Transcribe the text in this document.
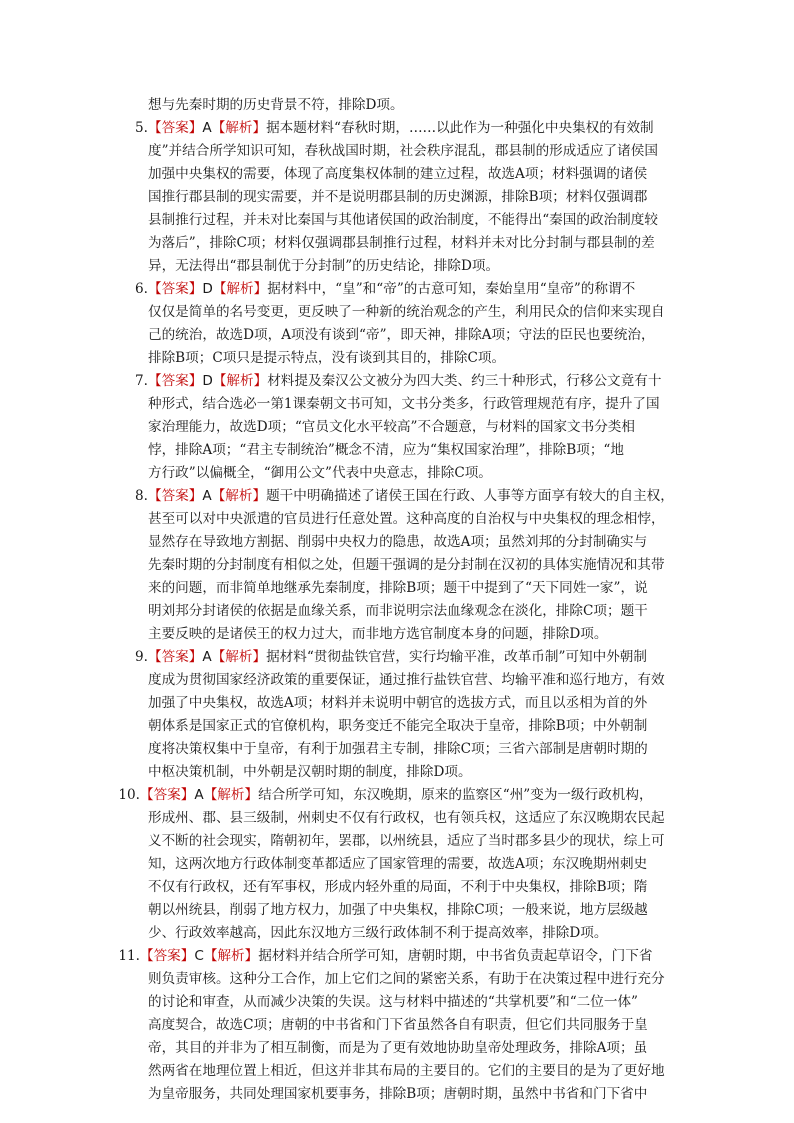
想与先秦时期的历史背景不符，排除D项。
5.【答案】A【解析】据本题材料“春秋时期，……以此作为一种强化中央集权的有效制
度”并结合所学知识可知，春秋战国时期，社会秩序混乱，郡县制的形成适应了诸侯国
加强中央集权的需要，体现了高度集权体制的建立过程，故选A项；材料强调的诸侯
国推行郡县制的现实需要，并不是说明郡县制的历史渊源，排除B项；材料仅强调郡
县制推行过程，并未对比秦国与其他诸侯国的政治制度，不能得出“秦国的政治制度较
为落后”，排除C项；材料仅强调郡县制推行过程，材料并未对比分封制与郡县制的差
异，无法得出“郡县制优于分封制”的历史结论，排除D项。
6.【答案】D【解析】据材料中，“皇”和“帝”的古意可知，秦始皇用“皇帝”的称谓不
仅仅是简单的名号变更，更反映了一种新的统治观念的产生，利用民众的信仰来实现自
己的统治，故选D项，A项没有谈到“帝”，即天神，排除A项；守法的臣民也要统治，
排除B项；C项只是提示特点，没有谈到其目的，排除C项。
7.【答案】D【解析】材料提及秦汉公文被分为四大类、约三十种形式，行移公文竟有十
种形式，结合选必一第1课秦朝文书可知，文书分类多，行政管理规范有序，提升了国
家治理能力，故选D项；“官员文化水平较高”不合题意，与材料的国家文书分类相
悖，排除A项；“君主专制统治”概念不清，应为“集权国家治理”，排除B项；“地
方行政”以偏概全，“御用公文”代表中央意志，排除C项。
8.【答案】A【解析】题干中明确描述了诸侯王国在行政、人事等方面享有较大的自主权，
甚至可以对中央派遣的官员进行任意处置。这种高度的自治权与中央集权的理念相悖，
显然存在导致地方割据、削弱中央权力的隐患，故选A项；虽然刘邦的分封制确实与
先秦时期的分封制度有相似之处，但题干强调的是分封制在汉初的具体实施情况和其带
来的问题，而非简单地继承先秦制度，排除B项；题干中提到了“天下同姓一家”，说
明刘邦分封诸侯的依据是血缘关系，而非说明宗法血缘观念在淡化，排除C项；题干
主要反映的是诸侯王的权力过大，而非地方选官制度本身的问题，排除D项。
9.【答案】A【解析】据材料“贯彻盐铁官营，实行均输平准，改革币制”可知中外朝制
度成为贯彻国家经济政策的重要保证，通过推行盐铁官营、均输平准和巡行地方，有效
加强了中央集权，故选A项；材料并未说明中朝官的选拔方式，而且以丞相为首的外
朝体系是国家正式的官僚机构，职务变迁不能完全取决于皇帝，排除B项；中外朝制
度将决策权集中于皇帝，有利于加强君主专制，排除C项；三省六部制是唐朝时期的
中枢决策机制，中外朝是汉朝时期的制度，排除D项。
10.【答案】A【解析】结合所学可知，东汉晚期，原来的监察区“州”变为一级行政机构，
形成州、郡、县三级制，州刺史不仅有行政权，也有领兵权，这适应了东汉晚期农民起
义不断的社会现实，隋朝初年，罢郡，以州统县，适应了当时郡多县少的现状，综上可
知，这两次地方行政体制变革都适应了国家管理的需要，故选A项；东汉晚期州刺史
不仅有行政权，还有军事权，形成内轻外重的局面，不利于中央集权，排除B项；隋
朝以州统县，削弱了地方权力，加强了中央集权，排除C项；一般来说，地方层级越
少、行政效率越高，因此东汉地方三级行政体制不利于提高效率，排除D项。
11.【答案】C【解析】据材料并结合所学可知，唐朝时期，中书省负责起草诏令，门下省
则负责审核。这种分工合作，加上它们之间的紧密关系，有助于在决策过程中进行充分
的讨论和审查，从而减少决策的失误。这与材料中描述的“共掌机要”和“二位一体”
高度契合，故选C项；唐朝的中书省和门下省虽然各自有职责，但它们共同服务于皇
帝，其目的并非为了相互制衡，而是为了更有效地协助皇帝处理政务，排除A项；虽
然两省在地理位置上相近，但这并非其布局的主要目的。它们的主要目的是为了更好地
为皇帝服务，共同处理国家机要事务，排除B项；唐朝时期，虽然中书省和门下省中
